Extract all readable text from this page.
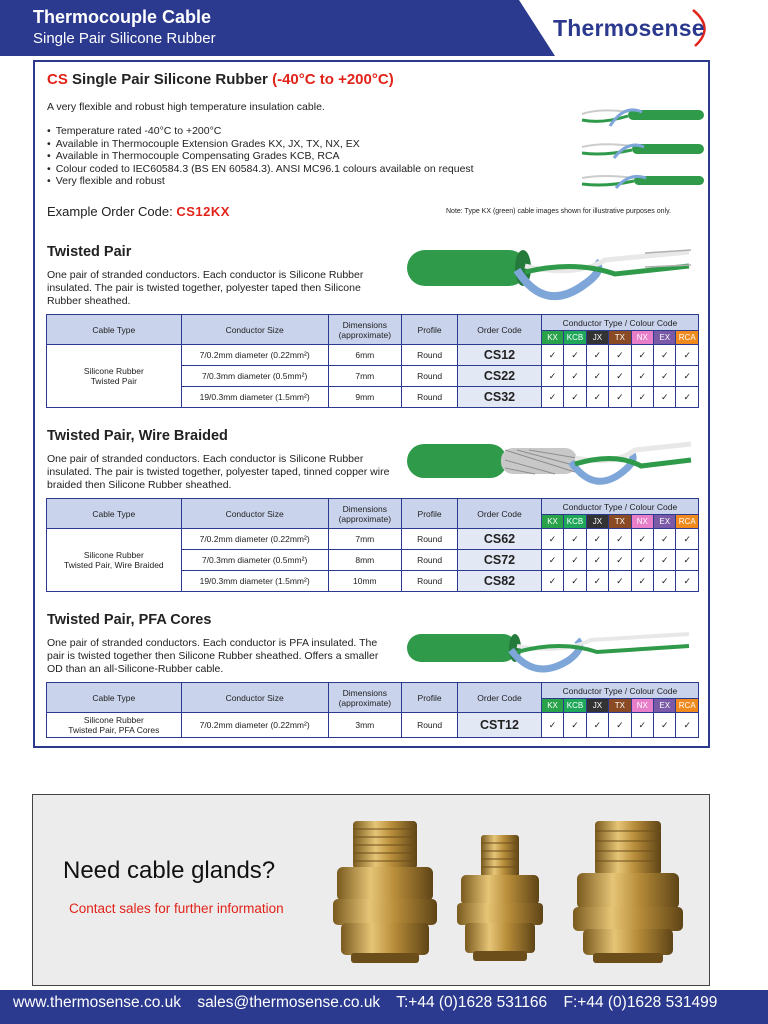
Thermocouple Cable
Single Pair Silicone Rubber	Thermosense
CS Single Pair Silicone Rubber (-40°C to +200°C)
A very flexible and robust high temperature insulation cable.
• Temperature rated -40°C to +200°C
• Available in Thermocouple Extension Grades KX, JX, TX, NX, EX
• Available in Thermocouple Compensating Grades KCB, RCA
• Colour coded to IEC60584.3 (BS EN 60584.3). ANSI MC96.1 colours available on request
• Very flexible and robust
Example Order Code: CS12KX	Note: Type KX (green) cable images shown for illustrative purposes only.
Twisted Pair
One pair of stranded conductors. Each conductor is Silicone Rubber insulated. The pair is twisted together, polyester taped then Silicone Rubber sheathed.
Cable Type	Conductor Size	Dimensions (approximate)	Profile	Order Code	Conductor Type / Colour Code						
					KX	KCB	JX	TX	NX	EX	RCA

Silicone Rubber
Twisted Pair	7/0.2mm diameter (0.22mm²)	6mm	Round	CS12	✓	✓	✓	✓	✓	✓	✓
	7/0.3mm diameter (0.5mm²)	7mm	Round	CS22	✓	✓	✓	✓	✓	✓	✓
	19/0.3mm diameter (1.5mm²)	9mm	Round	CS32	✓	✓	✓	✓	✓	✓	✓
Twisted Pair, Wire Braided
One pair of stranded conductors. Each conductor is Silicone Rubber insulated. The pair is twisted together, polyester taped, tinned copper wire braided then Silicone Rubber sheathed.
Cable Type	Conductor Size	Dimensions (approximate)	Profile	Order Code	Conductor Type / Colour Code						
					KX	KCB	JX	TX	NX	EX	RCA

Silicone Rubber
Twisted Pair, Wire Braided	7/0.2mm diameter (0.22mm²)	7mm	Round	CS62	✓	✓	✓	✓	✓	✓	✓
	7/0.3mm diameter (0.5mm²)	8mm	Round	CS72	✓	✓	✓	✓	✓	✓	✓
	19/0.3mm diameter (1.5mm²)	10mm	Round	CS82	✓	✓	✓	✓	✓	✓	✓
Twisted Pair, PFA Cores
One pair of stranded conductors. Each conductor is PFA insulated. The pair is twisted together then Silicone Rubber sheathed. Offers a smaller OD than an all-Silicone-Rubber cable.
Cable Type	Conductor Size	Dimensions (approximate)	Profile	Order Code	Conductor Type / Colour Code						
					KX	KCB	JX	TX	NX	EX	RCA

Silicone Rubber
Twisted Pair, PFA Cores	7/0.2mm diameter (0.22mm²)	3mm	Round	CST12	✓	✓	✓	✓	✓	✓	✓
Need cable glands?
Contact sales for further information
www.thermosense.co.uk sales@thermosense.co.uk T:+44 (0)1628 531166 F:+44 (0)1628 531499
